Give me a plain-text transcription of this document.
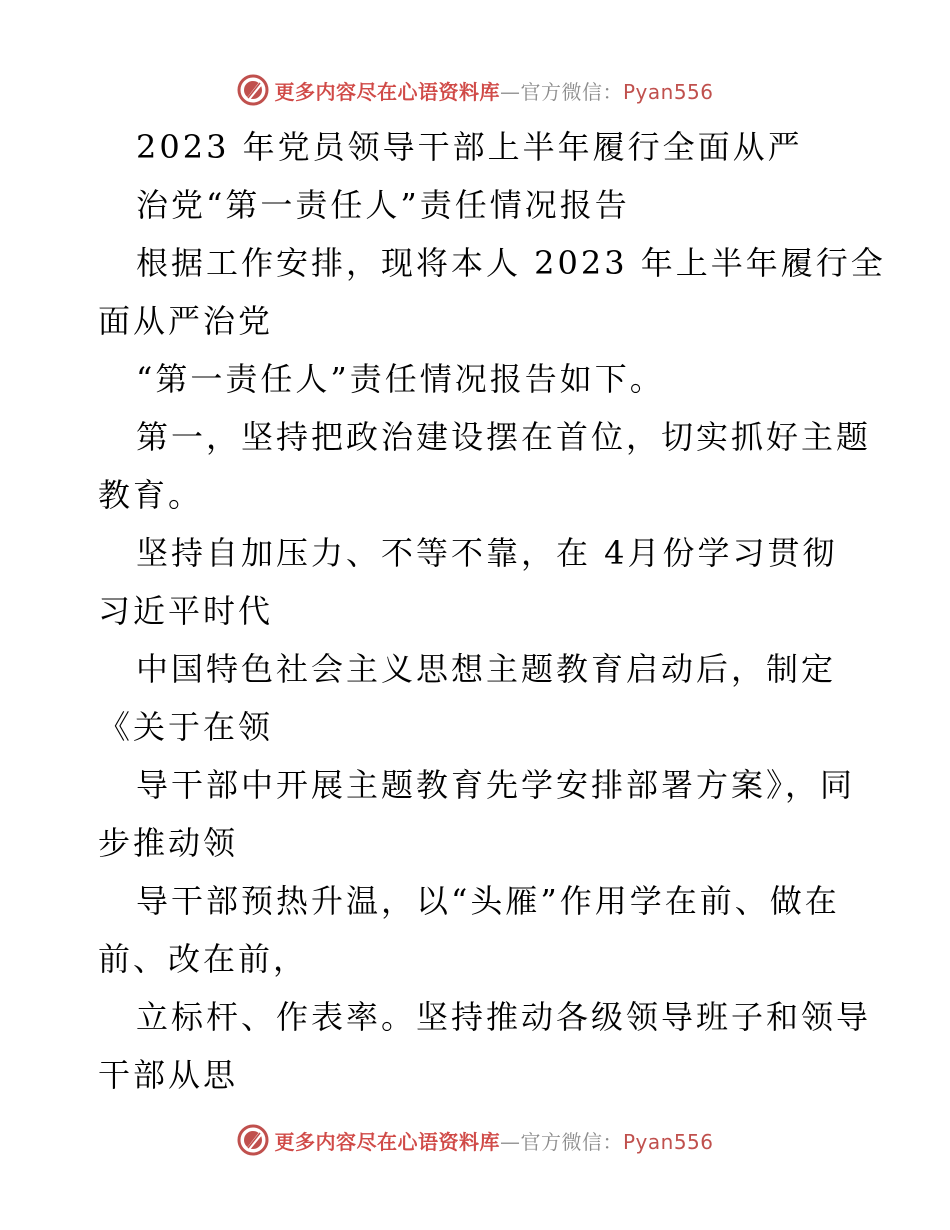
更多内容尽在心语资料库—官方微信：Pyan556
2023 年党员领导干部上半年履行全面从严
治党“第一责任人”责任情况报告
根据工作安排，现将本人 2023 年上半年履行全
面从严治党
“第一责任人”责任情况报告如下。
第一，坚持把政治建设摆在首位，切实抓好主题
教育。
坚持自加压力、不等不靠，在 4月份学习贯彻
习近平时代
中国特色社会主义思想主题教育启动后，制定
《关于在领
导干部中开展主题教育先学安排部署方案》，同
步推动领
导干部预热升温，以“头雁”作用学在前、做在
前、改在前，
立标杆、作表率。坚持推动各级领导班子和领导
干部从思
更多内容尽在心语资料库—官方微信：Pyan556
